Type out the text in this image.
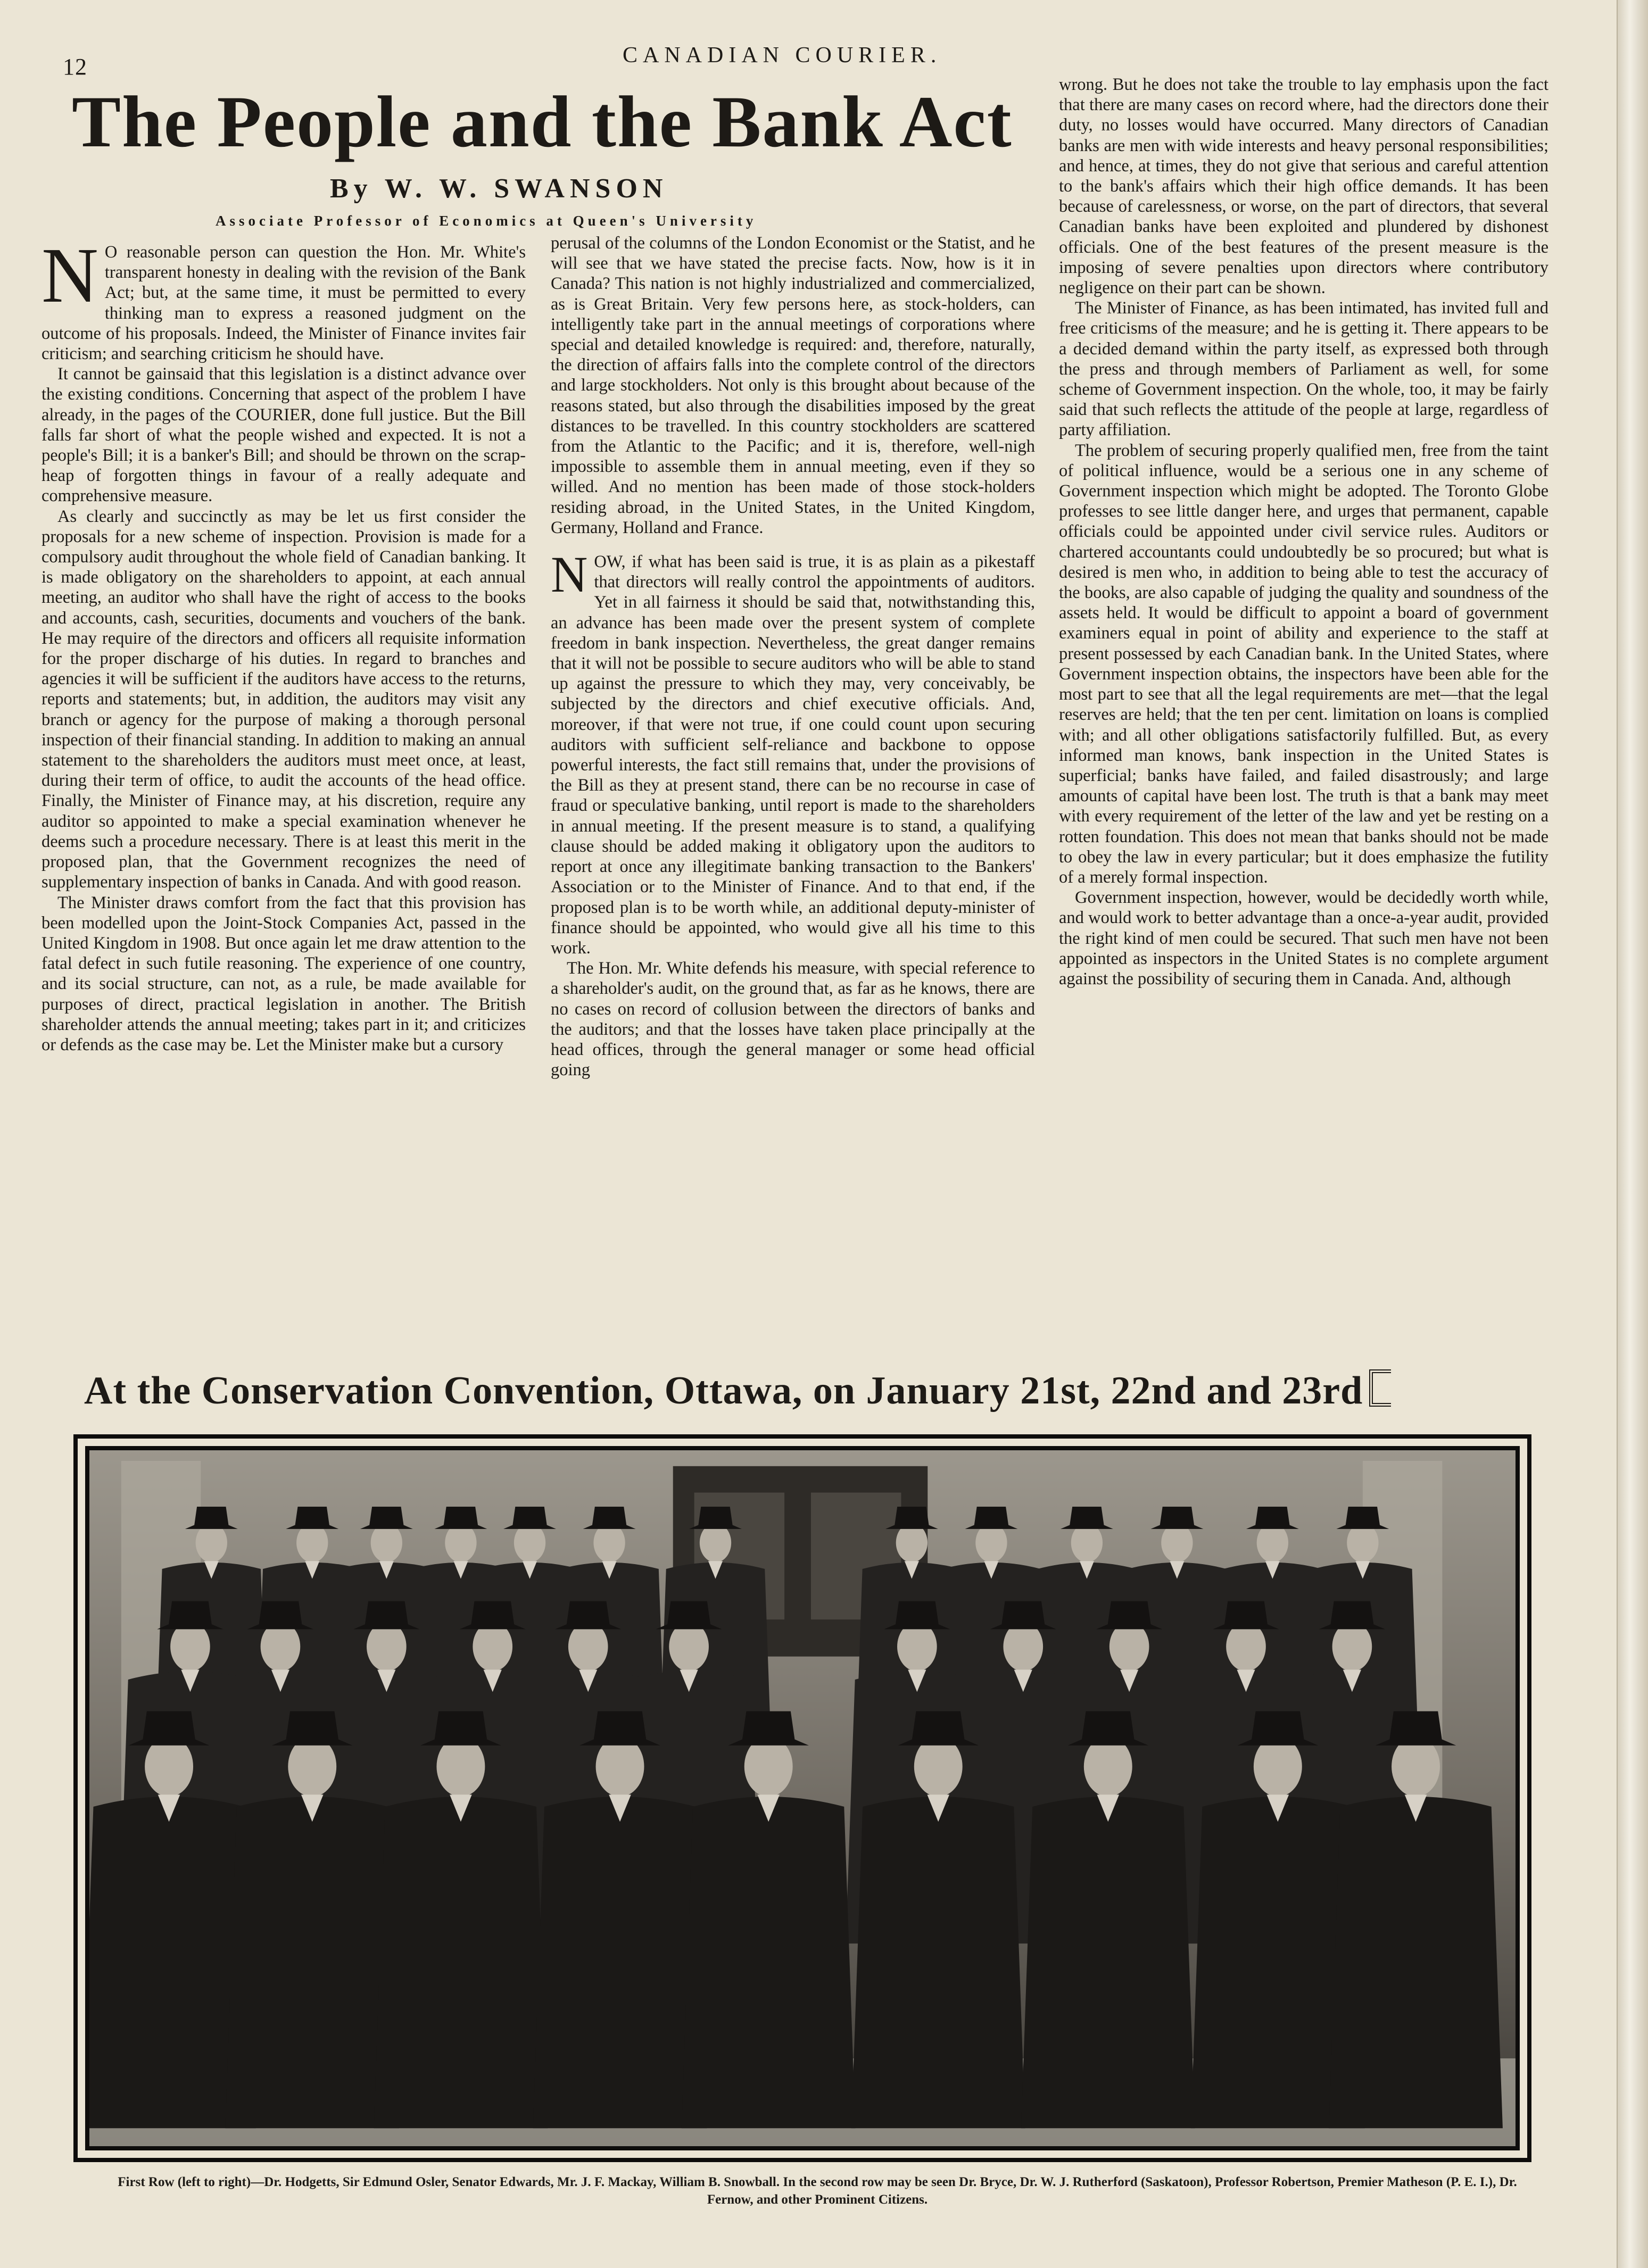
12	CANADIAN COURIER.
The People and the Bank Act
By W. W. SWANSON
Associate Professor of Economics at Queen's University

N O reasonable person can question the Hon. Mr. White's transparent honesty in dealing with the revision of the Bank Act; but, at the same time, it must be permitted to every thinking man to express a reasoned judgment on the outcome of his proposals. Indeed, the Minister of Finance invites fair criticism; and searching criticism he should have.

It cannot be gainsaid that this legislation is a distinct advance over the existing conditions. Concerning that aspect of the problem I have already, in the pages of the COURIER, done full justice. But the Bill falls far short of what the people wished and expected. It is not a people's Bill; it is a banker's Bill; and should be thrown on the scrap-heap of forgotten things in favour of a really adequate and comprehensive measure.

As clearly and succinctly as may be let us first consider the proposals for a new scheme of inspection. Provision is made for a compulsory audit throughout the whole field of Canadian banking. It is made obligatory on the shareholders to appoint, at each annual meeting, an auditor who shall have the right of access to the books and accounts, cash, securities, documents and vouchers of the bank. He may require of the directors and officers all requisite information for the proper discharge of his duties. In regard to branches and agencies it will be sufficient if the auditors have access to the returns, reports and statements; but, in addition, the auditors may visit any branch or agency for the purpose of making a thorough personal inspection of their financial standing. In addition to making an annual statement to the shareholders the auditors must meet once, at least, during their term of office, to audit the accounts of the head office. Finally, the Minister of Finance may, at his discretion, require any auditor so appointed to make a special examination whenever he deems such a procedure necessary. There is at least this merit in the proposed plan, that the Government recognizes the need of supplementary inspection of banks in Canada. And with good reason.

The Minister draws comfort from the fact that this provision has been modelled upon the Joint-Stock Companies Act, passed in the United Kingdom in 1908. But once again let me draw attention to the fatal defect in such futile reasoning. The experience of one country, and its social structure, can not, as a rule, be made available for purposes of direct, practical legislation in another. The British shareholder attends the annual meeting; takes part in it; and criticizes or defends as the case may be. Let the Minister make but a cursory

perusal of the columns of the London Economist or the Statist, and he will see that we have stated the precise facts. Now, how is it in Canada? This nation is not highly industrialized and commercialized, as is Great Britain. Very few persons here, as stock-holders, can intelligently take part in the annual meetings of corporations where special and detailed knowledge is required: and, therefore, naturally, the direction of affairs falls into the complete control of the directors and large stockholders. Not only is this brought about because of the reasons stated, but also through the disabilities imposed by the great distances to be travelled. In this country stockholders are scattered from the Atlantic to the Pacific; and it is, therefore, well-nigh impossible to assemble them in annual meeting, even if they so willed. And no mention has been made of those stock-holders residing abroad, in the United States, in the United Kingdom, Germany, Holland and France.

NOW, if what has been said is true, it is as plain as a pikestaff that directors will really control the appointments of auditors. Yet in all fairness it should be said that, notwithstanding this, an advance has been made over the present system of complete freedom in bank inspection. Nevertheless, the great danger remains that it will not be possible to secure auditors who will be able to stand up against the pressure to which they may, very conceivably, be subjected by the directors and chief executive officials. And, moreover, if that were not true, if one could count upon securing auditors with sufficient self-reliance and backbone to oppose powerful interests, the fact still remains that, under the provisions of the Bill as they at present stand, there can be no recourse in case of fraud or speculative banking, until report is made to the shareholders in annual meeting. If the present measure is to stand, a qualifying clause should be added making it obligatory upon the auditors to report at once any illegitimate banking transaction to the Bankers' Association or to the Minister of Finance. And to that end, if the proposed plan is to be worth while, an additional deputy-minister of finance should be appointed, who would give all his time to this work.

The Hon. Mr. White defends his measure, with special reference to a shareholder's audit, on the ground that, as far as he knows, there are no cases on record of collusion between the directors of banks and the auditors; and that the losses have taken place principally at the head offices, through the general manager or some head official going

wrong. But he does not take the trouble to lay emphasis upon the fact that there are many cases on record where, had the directors done their duty, no losses would have occurred. Many directors of Canadian banks are men with wide interests and heavy personal responsibilities; and hence, at times, they do not give that serious and careful attention to the bank's affairs which their high office demands. It has been because of carelessness, or worse, on the part of directors, that several Canadian banks have been exploited and plundered by dishonest officials. One of the best features of the present measure is the imposing of severe penalties upon directors where contributory negligence on their part can be shown.

The Minister of Finance, as has been intimated, has invited full and free criticisms of the measure; and he is getting it. There appears to be a decided demand within the party itself, as expressed both through the press and through members of Parliament as well, for some scheme of Government inspection. On the whole, too, it may be fairly said that such reflects the attitude of the people at large, regardless of party affiliation.

The problem of securing properly qualified men, free from the taint of political influence, would be a serious one in any scheme of Government inspection which might be adopted. The Toronto Globe professes to see little danger here, and urges that permanent, capable officials could be appointed under civil service rules. Auditors or chartered accountants could undoubtedly be so procured; but what is desired is men who, in addition to being able to test the accuracy of the books, are also capable of judging the quality and soundness of the assets held. It would be difficult to appoint a board of government examiners equal in point of ability and experience to the staff at present possessed by each Canadian bank. In the United States, where Government inspection obtains, the inspectors have been able for the most part to see that all the legal requirements are met—that the legal reserves are held; that the ten per cent. limitation on loans is complied with; and all other obligations satisfactorily fulfilled. But, as every informed man knows, bank inspection in the United States is superficial; banks have failed, and failed disastrously; and large amounts of capital have been lost. The truth is that a bank may meet with every requirement of the letter of the law and yet be resting on a rotten foundation. This does not mean that banks should not be made to obey the law in every particular; but it does emphasize the futility of a merely formal inspection.

Government inspection, however, would be decidedly worth while, and would work to better advantage than a once-a-year audit, provided the right kind of men could be secured. That such men have not been appointed as inspectors in the United States is no complete argument against the possibility of securing them in Canada. And, although

At the Conservation Convention, Ottawa, on January 21st, 22nd and 23rd
First Row (left to right)—Dr. Hodgetts, Sir Edmund Osler, Senator Edwards, Mr. J. F. Mackay, William B. Snowball. In the second row may be seen Dr. Bryce, Dr. W. J. Rutherford (Saskatoon), Professor Robertson, Premier Matheson (P. E. I.), Dr. Fernow, and other Prominent Citizens.
